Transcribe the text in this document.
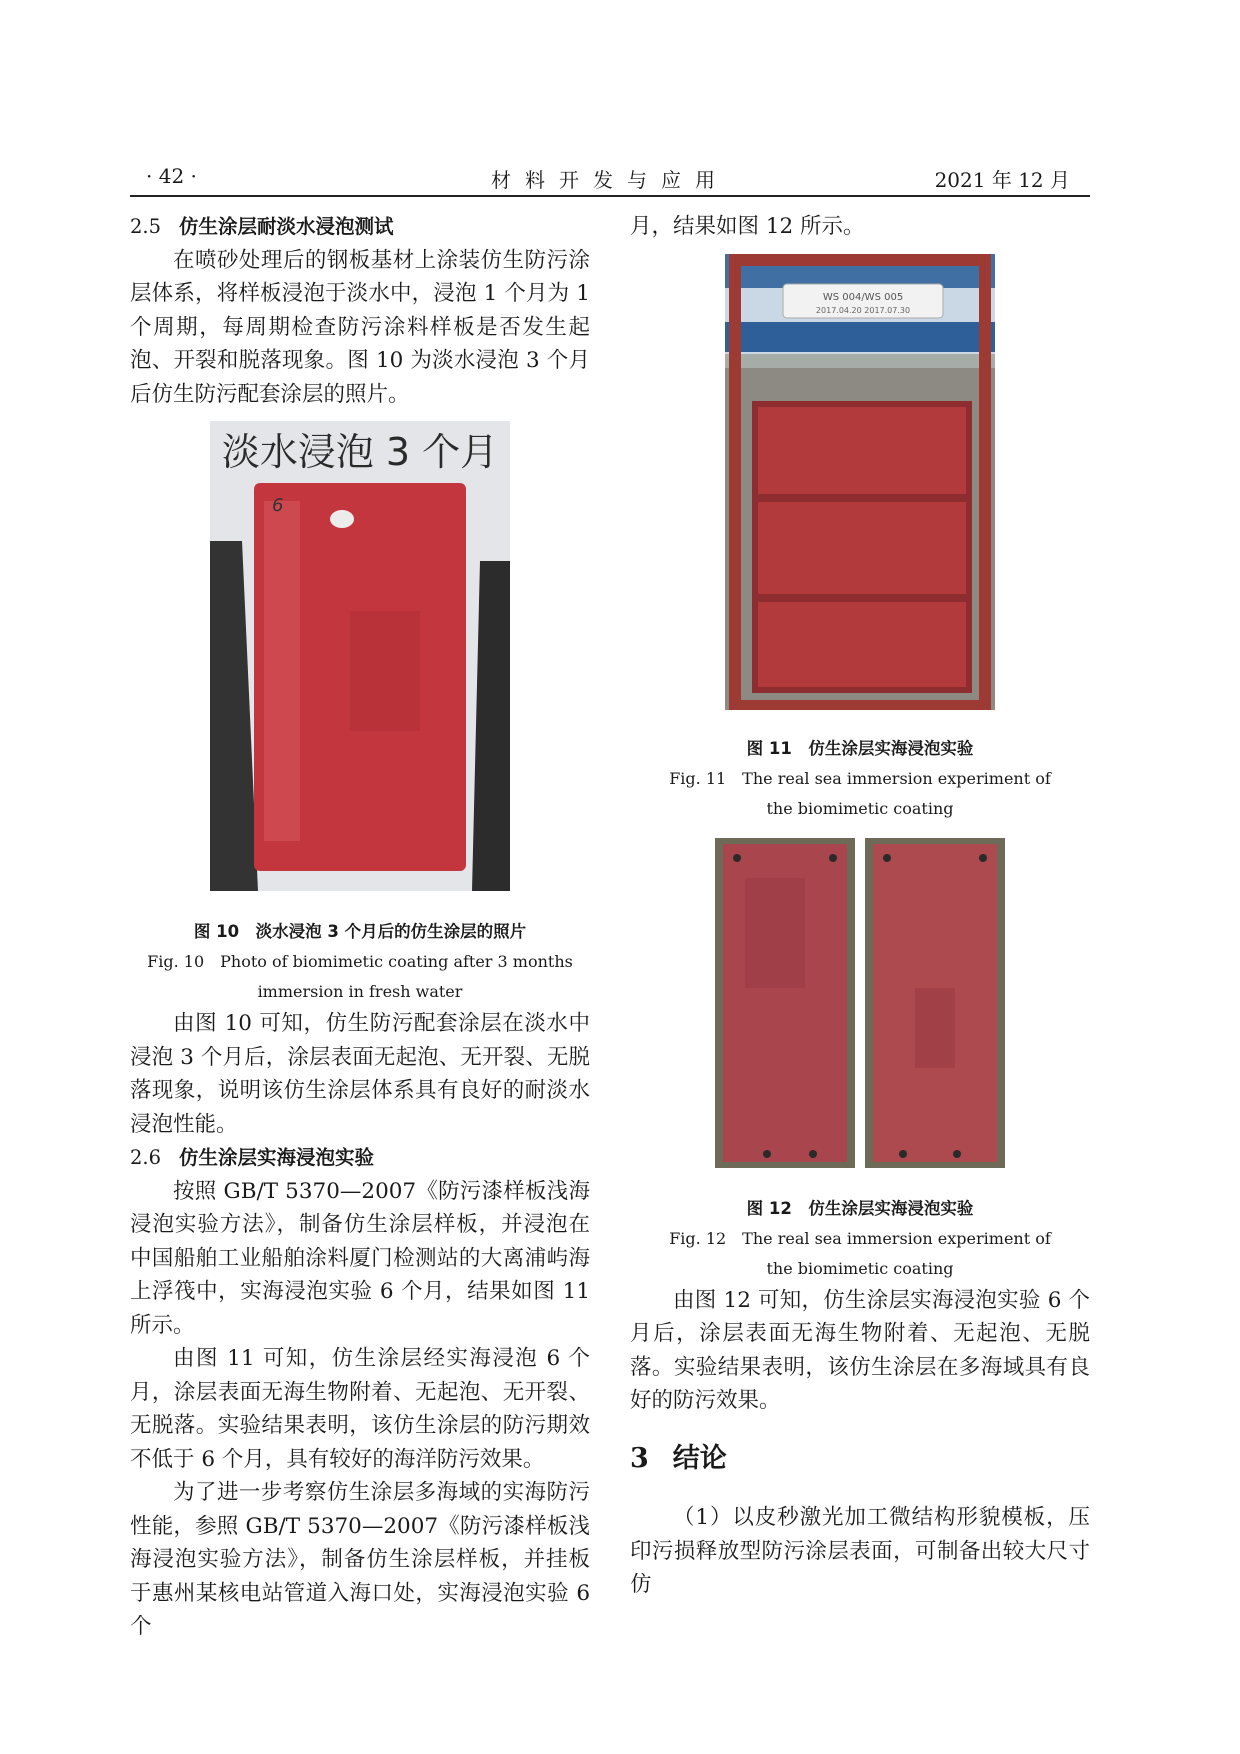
· 42 ·	材料开发与应用	2021 年 12 月
2.5 仿生涂层耐淡水浸泡测试

在喷砂处理后的钢板基材上涂装仿生防污涂层体系，将样板浸泡于淡水中，浸泡 1 个月为 1 个周期，每周期检查防污涂料样板是否发生起泡、开裂和脱落现象。图 10 为淡水浸泡 3 个月后仿生防污配套涂层的照片。

6
淡水浸泡 3 个月

图 10　淡水浸泡 3 个月后的仿生涂层的照片

Fig. 10　Photo of biomimetic coating after 3 months

immersion in fresh water

由图 10 可知，仿生防污配套涂层在淡水中浸泡 3 个月后，涂层表面无起泡、无开裂、无脱落现象，说明该仿生涂层体系具有良好的耐淡水浸泡性能。

2.6 仿生涂层实海浸泡实验

按照 GB/T 5370—2007《防污漆样板浅海浸泡实验方法》，制备仿生涂层样板，并浸泡在中国船舶工业船舶涂料厦门检测站的大离浦屿海上浮筏中，实海浸泡实验 6 个月，结果如图 11 所示。

由图 11 可知，仿生涂层经实海浸泡 6 个月，涂层表面无海生物附着、无起泡、无开裂、无脱落。实验结果表明，该仿生涂层的防污期效不低于 6 个月，具有较好的海洋防污效果。

为了进一步考察仿生涂层多海域的实海防污性能，参照 GB/T 5370—2007《防污漆样板浅海浸泡实验方法》，制备仿生涂层样板，并挂板于惠州某核电站管道入海口处，实海浸泡实验 6 个

月，结果如图 12 所示。

WS 004/WS 005
2017.04.20 2017.07.30

图 11　仿生涂层实海浸泡实验

Fig. 11　The real sea immersion experiment of

the biomimetic coating

图 12　仿生涂层实海浸泡实验

Fig. 12　The real sea immersion experiment of

the biomimetic coating

由图 12 可知，仿生涂层实海浸泡实验 6 个月后，涂层表面无海生物附着、无起泡、无脱落。实验结果表明，该仿生涂层在多海域具有良好的防污效果。

3 结论

（1）以皮秒激光加工微结构形貌模板，压印污损释放型防污涂层表面，可制备出较大尺寸仿
